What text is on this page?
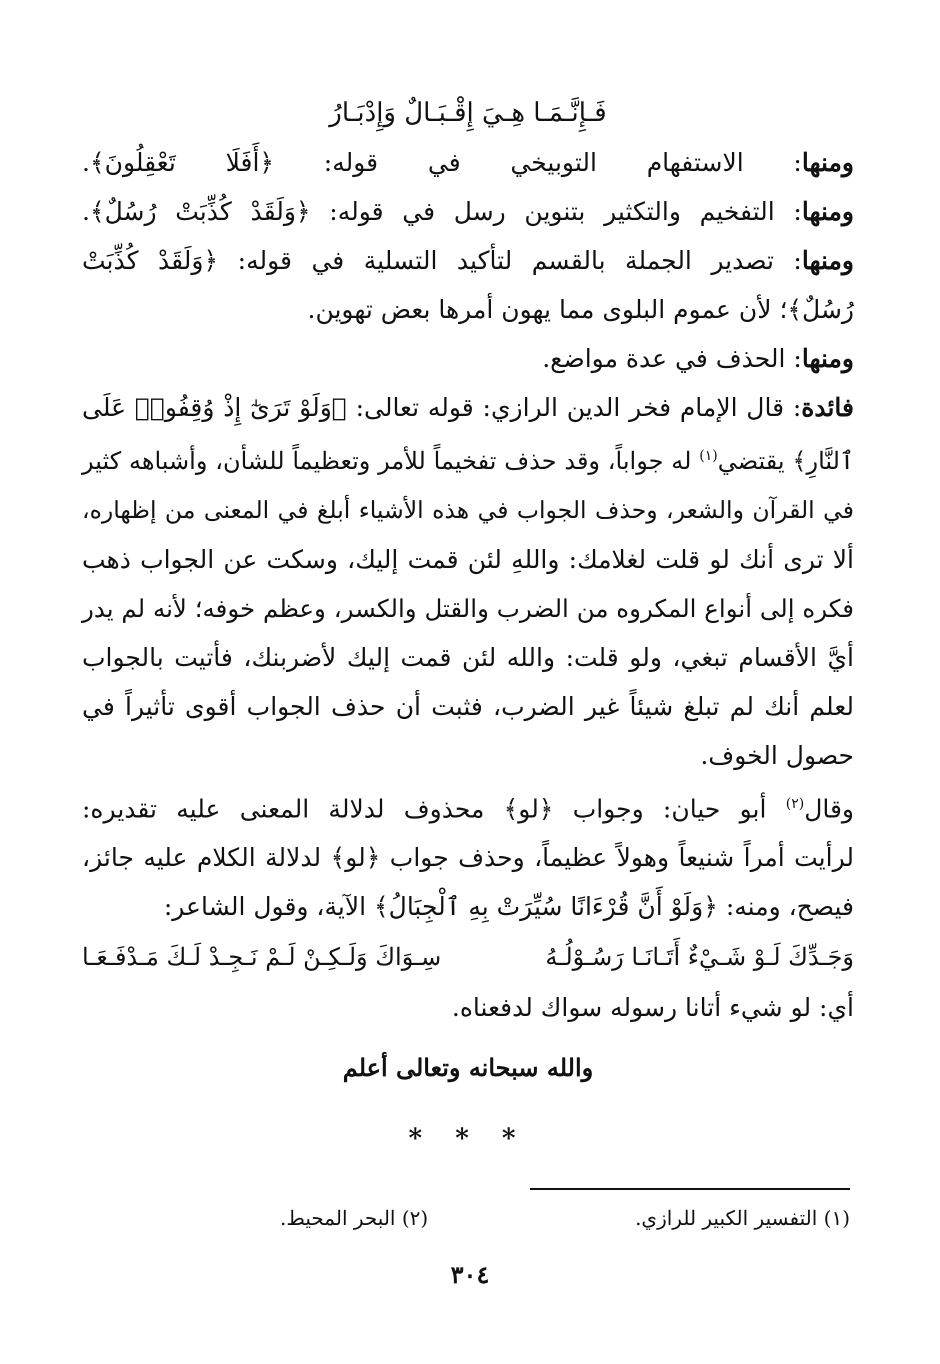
فَـإِنَّـمَـا هِـيَ إِقْـبَـالٌ وَإِدْبَـارُ
ومنها: الاستفهام التوبيخي في قوله: ﴿أَفَلَا تَعْقِلُونَ﴾.
ومنها: التفخيم والتكثير بتنوين رسل في قوله: ﴿وَلَقَدْ كُذِّبَتْ رُسُلٌ﴾.
ومنها: تصدير الجملة بالقسم لتأكيد التسلية في قوله: ﴿وَلَقَدْ كُذِّبَتْ
رُسُلٌ﴾؛ لأن عموم البلوى مما يهون أمرها بعض تهوين.
ومنها: الحذف في عدة مواضع.
فائدة: قال الإمام فخر الدين الرازي: قوله تعالى: ﴿وَلَوْ تَرَىٰٓ إِذْ وُقِفُوا۟ عَلَى
ٱلنَّارِ﴾ يقتضي$^{(١)}$ له جواباً، وقد حذف تفخيماً للأمر وتعظيماً للشأن، وأشباهه كثير
في القرآن والشعر، وحذف الجواب في هذه الأشياء أبلغ في المعنى من إظهاره،
ألا ترى أنك لو قلت لغلامك: واللهِ لئن قمت إليك، وسكت عن الجواب ذهب
فكره إلى أنواع المكروه من الضرب والقتل والكسر، وعظم خوفه؛ لأنه لم يدر
أيَّ الأقسام تبغي، ولو قلت: والله لئن قمت إليك لأضربنك، فأتيت بالجواب
لعلم أنك لم تبلغ شيئاً غير الضرب، فثبت أن حذف الجواب أقوى تأثيراً في
حصول الخوف.
وقال$^{(٢)}$ أبو حيان: وجواب ﴿لو﴾ محذوف لدلالة المعنى عليه تقديره:
لرأيت أمراً شنيعاً وهولاً عظيماً، وحذف جواب ﴿لو﴾ لدلالة الكلام عليه جائز،
فيصح، ومنه: ﴿وَلَوْ أَنَّ قُرْءَانًا سُيِّرَتْ بِهِ ٱلْجِبَالُ﴾ الآية، وقول الشاعر:
وَجَـدِّكَ لَـوْ شَـيْءٌ أَتَـانَـا رَسُـوْلُـهُ
سِـوَاكَ وَلَـكِـنْ لَـمْ نَـجِـدْ لَـكَ مَـدْفَـعَـا
أي: لو شيء أتانا رسوله سواك لدفعناه.
والله سبحانه وتعالى أعلم
* * *
(١) التفسير الكبير للرازي.
(٢) البحر المحيط.
٣٠٤
